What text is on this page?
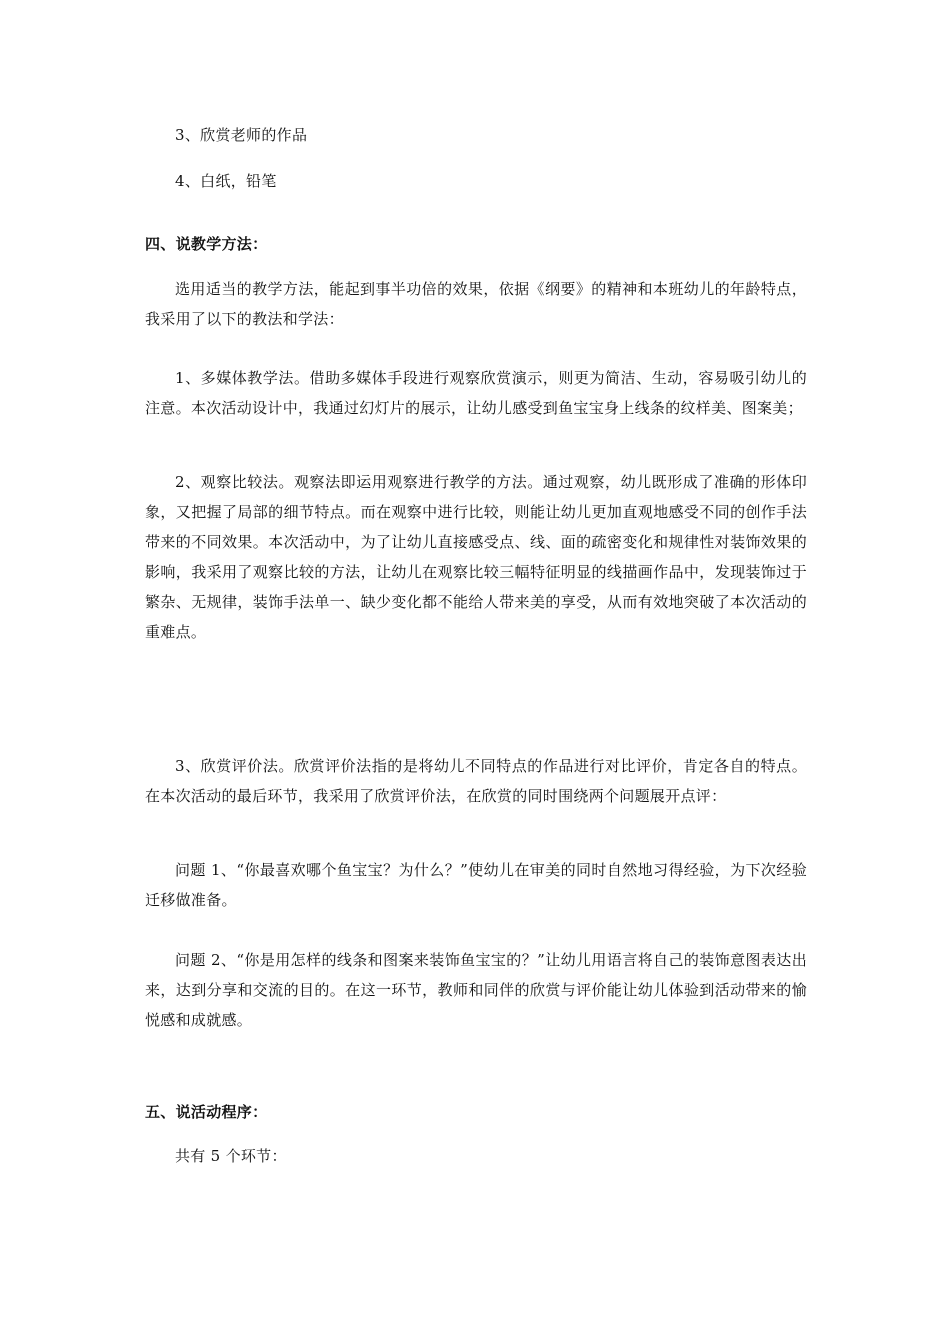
3、欣赏老师的作品

4、白纸，铅笔

四、说教学方法：

选用适当的教学方法，能起到事半功倍的效果，依据《纲要》的精神和本班幼儿的年龄特点，我采用了以下的教法和学法：

1、多媒体教学法。借助多媒体手段进行观察欣赏演示，则更为简洁、生动，容易吸引幼儿的注意。本次活动设计中，我通过幻灯片的展示，让幼儿感受到鱼宝宝身上线条的纹样美、图案美；

2、观察比较法。观察法即运用观察进行教学的方法。通过观察，幼儿既形成了准确的形体印象，又把握了局部的细节特点。而在观察中进行比较，则能让幼儿更加直观地感受不同的创作手法带来的不同效果。本次活动中，为了让幼儿直接感受点、线、面的疏密变化和规律性对装饰效果的影响，我采用了观察比较的方法，让幼儿在观察比较三幅特征明显的线描画作品中，发现装饰过于繁杂、无规律，装饰手法单一、缺少变化都不能给人带来美的享受，从而有效地突破了本次活动的重难点。

3、欣赏评价法。欣赏评价法指的是将幼儿不同特点的作品进行对比评价，肯定各自的特点。在本次活动的最后环节，我采用了欣赏评价法，在欣赏的同时围绕两个问题展开点评：

问题 1、“你最喜欢哪个鱼宝宝？为什么？”使幼儿在审美的同时自然地习得经验，为下次经验迁移做准备。

问题 2、“你是用怎样的线条和图案来装饰鱼宝宝的？”让幼儿用语言将自己的装饰意图表达出来，达到分享和交流的目的。在这一环节，教师和同伴的欣赏与评价能让幼儿体验到活动带来的愉悦感和成就感。

五、说活动程序：

共有 5 个环节：
